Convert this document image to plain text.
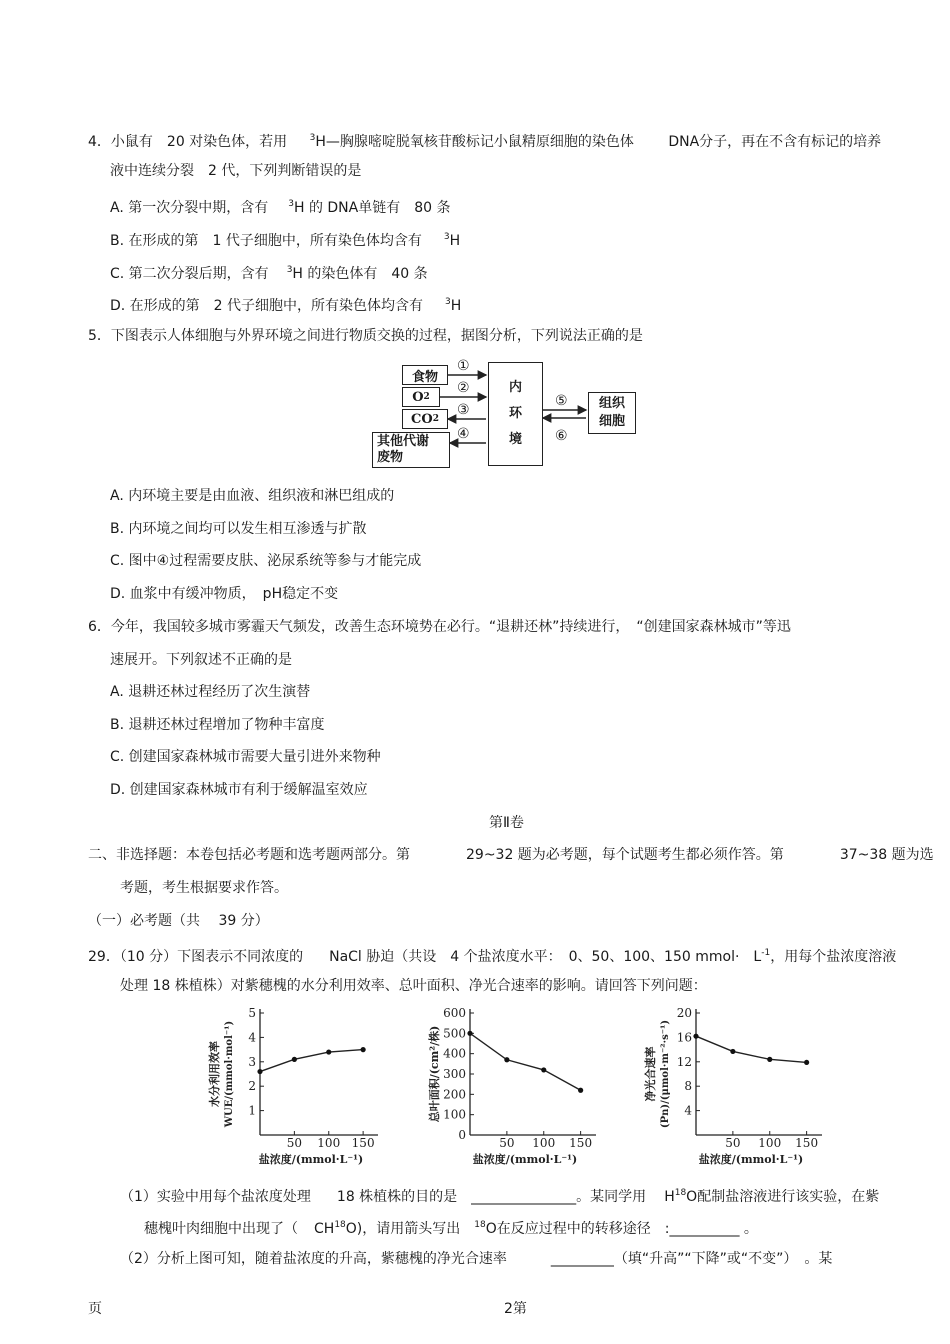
4．小鼠有　20 对染色体，若用 $^3$H—胸腺嘧啶脱氧核苷酸标记小鼠精原细胞的染色体 DNA分子，再在不含有标记的培养
液中连续分裂　2 代，下列判断错误的是
A. 第一次分裂中期，含有 $^3$H 的 DNA单链有　80 条
B. 在形成的第　1 代子细胞中，所有染色体均含有 $^3$H
C. 第二次分裂后期，含有 $^3$H 的染色体有　40 条
D. 在形成的第　2 代子细胞中，所有染色体均含有 $^3$H
5．下图表示人体细胞与外界环境之间进行物质交换的过程，据图分析，下列说法正确的是
食物
O 2
CO 2
其他代谢
废物
内
环
境
组织
细胞
①
②
③
④
⑤
⑥
A. 内环境主要是由血液、组织液和淋巴组成的
B. 内环境之间均可以发生相互渗透与扩散
C. 图中④过程需要皮肤、泌尿系统等参与才能完成
D. 血浆中有缓冲物质，　pH稳定不变
6．今年，我国较多城市雾霾天气频发，改善生态环境势在必行。“退耕还林”持续进行，　“创建国家森林城市”等迅
速展开。下列叙述不正确的是
A. 退耕还林过程经历了次生演替
B. 退耕还林过程增加了物种丰富度
C. 创建国家森林城市需要大量引进外来物种
D. 创建国家森林城市有利于缓解温室效应
第Ⅱ卷
二、非选择题：本卷包括必考题和选考题两部分。第	29~32 题为必考题，每个试题考生都必须作答。第	37~38 题为选
考题，考生根据要求作答。
（一）必考题（共　 39 分）
29．（10 分）下图表示不同浓度的 NaCl 胁迫（共设　4 个盐浓度水平：　0、50、100、150 mmol· $L^{-1}$，用每个盐浓度溶液
处理 18 株植株）对紫穗槐的水分利用效率、总叶面积、净光合速率的影响。请回答下列问题：
1
2
3
4
5
50 100 150
盐浓度/(mmol·L⁻¹)
水分利用效率 WUE/(mmol·mol⁻¹)
0
100
200
300
400
500
600
50 100 150
盐浓度/(mmol·L⁻¹)
总叶面积/(cm²/株)	4
8
12
16
20
50 100 150
盐浓度/(mmol·L⁻¹)
净光合速率 (Pn)/(μmol·m⁻²·s⁻¹)
（1）实验中用每个盐浓度处理 18 株植株的目的是　_______________。某同学用 $H^{18}O$配制盐溶液进行该实验，在紫
穗槐叶肉细胞中出现了（ CH$^{18}$O)，请用箭头写出 $^{18}$O在反应过程中的转移途径　:__________ 。
（2）分析上图可知，随着盐浓度的升高，紫穗槐的净光合速率	_________（填“升高”“下降”或“不变”）　。某
页	2第
